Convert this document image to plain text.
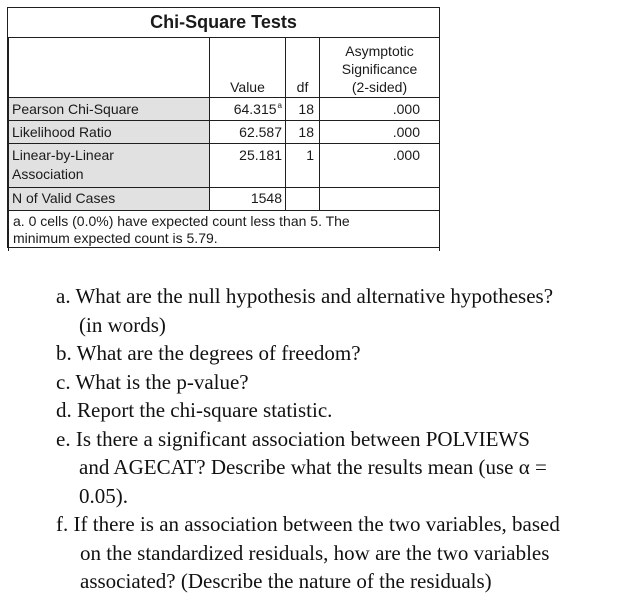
Chi-Square Tests
	Value	df	Asymptotic
Significance
(2-sided)

Pearson Chi-Square	64.315$^a$	18	.000
Likelihood Ratio	62.587	18	.000

Linear-by-Linear
Association	25.181	1	.000
N of Valid Cases	1548		

a. 0 cells (0.0%) have expected count less than 5. The
minimum expected count is 5.79.			
a. What are the null hypothesis and alternative hypotheses?
(in words)
b. What are the degrees of freedom?
c. What is the p-value?
d. Report the chi-square statistic.
e. Is there a significant association between POLVIEWS
and AGECAT? Describe what the results mean (use α =
0.05).
f. If there is an association between the two variables, based
on the standardized residuals, how are the two variables
associated? (Describe the nature of the residuals)
